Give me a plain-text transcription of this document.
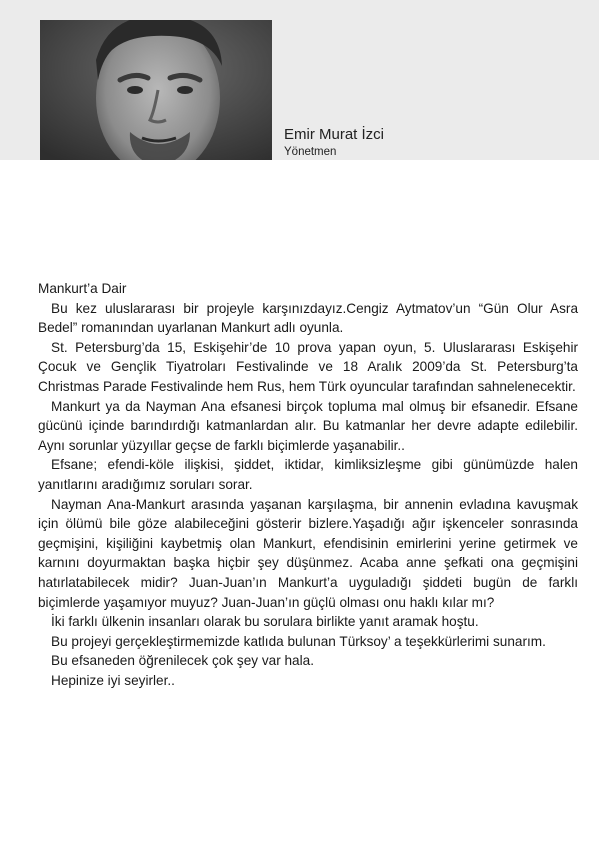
Emir Murat İzci
Yönetmen

Mankurt’a Dair

Bu kez uluslararası bir projeyle karşınızdayız.Cengiz Aytmatov’un “Gün Olur Asra Bedel” romanından uyarlanan Mankurt adlı oyunla.

St. Petersburg’da 15, Eskişehir’de 10 prova yapan oyun, 5. Uluslararası Eskişehir Çocuk ve Gençlik Tiyatroları Festivalinde ve 18 Aralık 2009’da St. Petersburg’ta Christmas Parade Festivalinde hem Rus, hem Türk oyuncular tarafından sahnelenecektir.

Mankurt ya da Nayman Ana efsanesi birçok topluma mal olmuş bir efsanedir. Efsane gücünü içinde barındırdığı katmanlardan alır. Bu katmanlar her devre adapte edilebilir. Aynı sorunlar yüzyıllar geçse de farklı biçimlerde yaşanabilir..

Efsane; efendi-köle ilişkisi, şiddet, iktidar, kimliksizleşme gibi günümüzde halen yanıtlarını aradığımız soruları sorar.

Nayman Ana-Mankurt arasında yaşanan karşılaşma, bir annenin evladına kavuşmak için ölümü bile göze alabileceğini gösterir bizlere.Yaşadığı ağır işkenceler sonrasında geçmişini, kişiliğini kaybetmiş olan Mankurt, efendisinin emirlerini yerine getirmek ve karnını doyurmaktan başka hiçbir şey düşünmez. Acaba anne şefkati ona geçmişini hatırlatabilecek midir? Juan-Juan’ın Mankurt’a uyguladığı şiddeti bugün de farklı biçimlerde yaşamıyor muyuz? Juan-Juan’ın güçlü olması onu haklı kılar mı?

İki farklı ülkenin insanları olarak bu sorulara birlikte yanıt aramak hoştu.

Bu projeyi gerçekleştirmemizde katlıda bulunan Türksoy’ a teşekkürlerimi sunarım.

Bu efsaneden öğrenilecek çok şey var hala.

Hepinize iyi seyirler..
